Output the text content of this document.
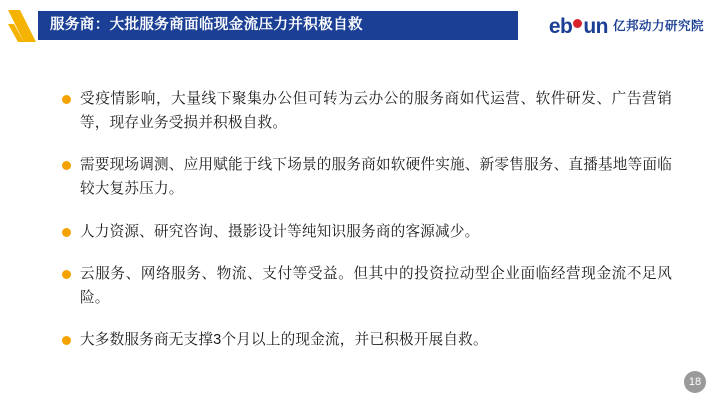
服务商：大批服务商面临现金流压力并积极自救	eb un 亿邦动力研究院
受疫情影响，大量线下聚集办公但可转为云办公的服务商如代运营、软件研发、广告营销等，现存业务受损并积极自救。
需要现场调测、应用赋能于线下场景的服务商如软硬件实施、新零售服务、直播基地等面临较大复苏压力。
人力资源、研究咨询、摄影设计等纯知识服务商的客源减少。
云服务、网络服务、物流、支付等受益。但其中的投资拉动型企业面临经营现金流不足风险。
大多数服务商无支撑3个月以上的现金流，并已积极开展自救。
18
